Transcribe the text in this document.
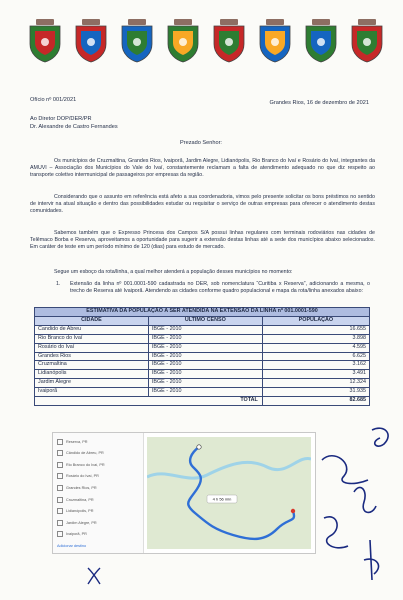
Ofício nº 001/2021	Grandes Rios, 16 de dezembro de 2021
Ao Diretor DOP/DER/PR
Dr. Alexandre de Castro Fernandes
Prezado Senhor:
Os municípios de Cruzmaltina, Grandes Rios, Ivaiporã, Jardim Alegre, Lidianópolis, Rio Branco do Ivaí e Rosário do Ivaí, integrantes da AMUVI – Associação dos Municípios do Vale do Ivaí, constantemente reclamam a falta de atendimento adequado no que diz respeito ao transporte coletivo intermunicipal de passageiros por empresas da região.
Considerando que o assunto em referência está afeto a sua coordenadoria, vimos pelo presente solicitar os bons préstimos no sentido de intervir na atual situação e dentro das possibilidades estudar ou requisitar o serviço de outras empresas para oferecer o atendimento destas comunidades.
Sabemos também que o Expresso Princesa dos Campos S/A possui linhas regulares com terminais rodoviários nas cidades de Telêmaco Borba e Reserva, aproveitamos a oportunidade para sugerir a extensão destas linhas até a sede dos municípios abaixo selecionados. Em caráter de teste em um período mínimo de 120 (dias) para estudo de mercado.
Segue um esboço da rota/linha, a qual melhor atenderá a população desses municípios no momento:
1. Extensão da linha nº 001.0001-590 cadastrada no DER, sob nomenclatura “Curitiba x Reserva”, adicionando a mesma, o trecho de Reserva até Ivaiporã. Atendendo as cidades conforme quadro populacional e mapa da rota/linha anexados abaixo:
ESTIMATIVA DA POPULAÇÃO A SER ATENDIDA NA EXTENSÃO DA LINHA nº 001.0001-590		
CIDADE	ÚLTIMO CENSO	POPULAÇÃO
Candido de Abreu	IBGE - 2010	16.655
Rio Branco do Ivaí	IBGE - 2010	3.898
Rosário do Ivaí	IBGE - 2010	4.595
Grandes Rios	IBGE - 2010	6.625
Cruzmaltina	IBGE - 2010	3.162
Lidianópolis	IBGE - 2010	3.491
Jardim Alegre	IBGE - 2010	12.324
Ivaiporã	IBGE - 2010	31.935
TOTAL		82.685
Reserva, PR
Cândido de Abreu, PR
Rio Branco do Ivaí, PR
Rosário do Ivaí, PR
Grandes Rios, PR
Cruzmaltina, PR
Lidianópolis, PR
Jardim Alegre, PR
Ivaiporã, PR
Adicionar destino
4 h 56 min
